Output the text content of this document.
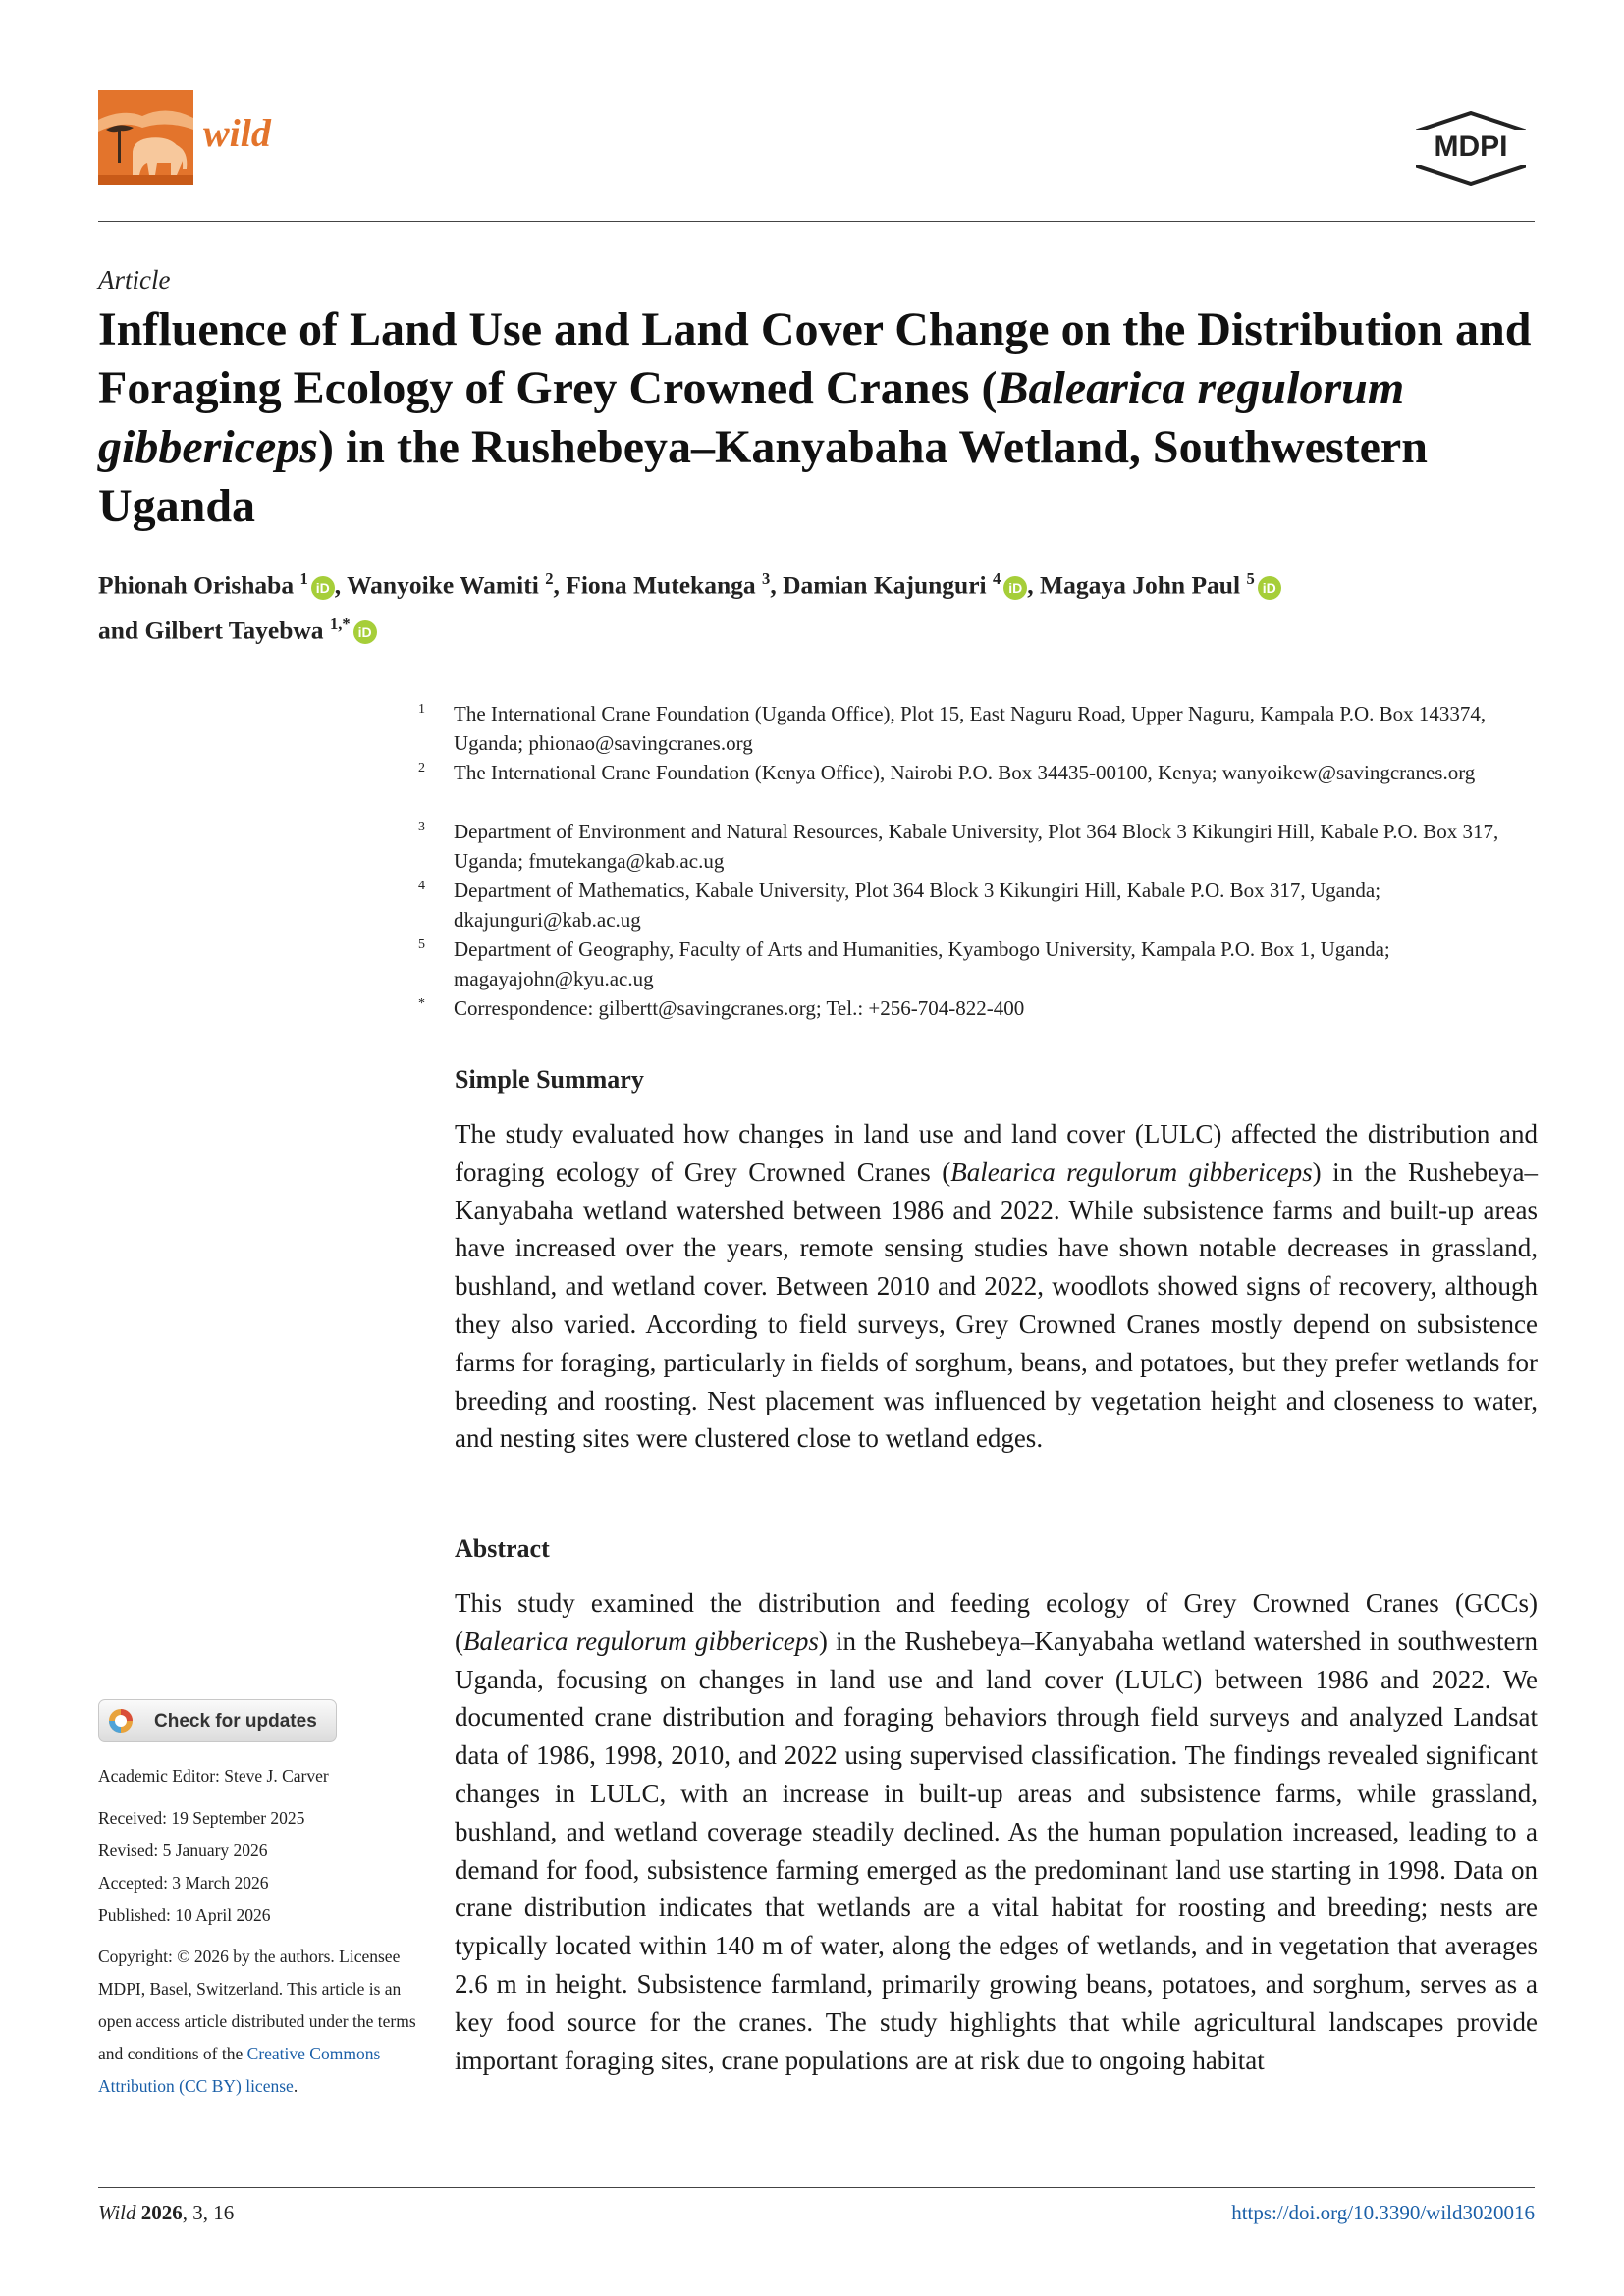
wild	MDPI
Article
Influence of Land Use and Land Cover Change on the Distribution and Foraging Ecology of Grey Crowned Cranes (Balearica regulorum gibbericeps) in the Rushebeya–Kanyabaha Wetland, Southwestern Uganda
Phionah Orishaba $^1$ iD , Wanyoike Wamiti $^2$, Fiona Mutekanga $^3$, Damian Kajunguri $^4$ iD , Magaya John Paul $^5$ iD
and Gilbert Tayebwa $^{1,*}$ iD
1 The International Crane Foundation (Uganda Office), Plot 15, East Naguru Road, Upper Naguru, Kampala P.O. Box 143374, Uganda; phionao@savingcranes.org
2 The International Crane Foundation (Kenya Office), Nairobi P.O. Box 34435-00100, Kenya; wanyoikew@savingcranes.org
3 Department of Environment and Natural Resources, Kabale University, Plot 364 Block 3 Kikungiri Hill, Kabale P.O. Box 317, Uganda; fmutekanga@kab.ac.ug
4 Department of Mathematics, Kabale University, Plot 364 Block 3 Kikungiri Hill, Kabale P.O. Box 317, Uganda; dkajunguri@kab.ac.ug
5 Department of Geography, Faculty of Arts and Humanities, Kyambogo University, Kampala P.O. Box 1, Uganda; magayajohn@kyu.ac.ug
* Correspondence: gilbertt@savingcranes.org; Tel.: +256-704-822-400
Simple Summary
The study evaluated how changes in land use and land cover (LULC) affected the distribution and foraging ecology of Grey Crowned Cranes (Balearica regulorum gibbericeps) in the Rushebeya–Kanyabaha wetland watershed between 1986 and 2022. While subsistence farms and built-up areas have increased over the years, remote sensing studies have shown notable decreases in grassland, bushland, and wetland cover. Between 2010 and 2022, woodlots showed signs of recovery, although they also varied. According to field surveys, Grey Crowned Cranes mostly depend on subsistence farms for foraging, particularly in fields of sorghum, beans, and potatoes, but they prefer wetlands for breeding and roosting. Nest placement was influenced by vegetation height and closeness to water, and nesting sites were clustered close to wetland edges.
Abstract
This study examined the distribution and feeding ecology of Grey Crowned Cranes (GCCs) (Balearica regulorum gibbericeps) in the Rushebeya–Kanyabaha wetland watershed in southwestern Uganda, focusing on changes in land use and land cover (LULC) between 1986 and 2022. We documented crane distribution and foraging behaviors through field surveys and analyzed Landsat data of 1986, 1998, 2010, and 2022 using supervised classification. The findings revealed significant changes in LULC, with an increase in built-up areas and subsistence farms, while grassland, bushland, and wetland coverage steadily declined. As the human population increased, leading to a demand for food, subsistence farming emerged as the predominant land use starting in 1998. Data on crane distribution indicates that wetlands are a vital habitat for roosting and breeding; nests are typically located within 140 m of water, along the edges of wetlands, and in vegetation that averages 2.6 m in height. Subsistence farmland, primarily growing beans, potatoes, and sorghum, serves as a key food source for the cranes. The study highlights that while agricultural landscapes provide important foraging sites, crane populations are at risk due to ongoing habitat
Check for updates
Academic Editor: Steve J. Carver
Received: 19 September 2025
Revised: 5 January 2026
Accepted: 3 March 2026
Published: 10 April 2026
Copyright: © 2026 by the authors. Licensee MDPI, Basel, Switzerland. This article is an open access article distributed under the terms and conditions of the Creative Commons Attribution (CC BY) license.
Wild 2026, 3, 16	https://doi.org/10.3390/wild3020016
